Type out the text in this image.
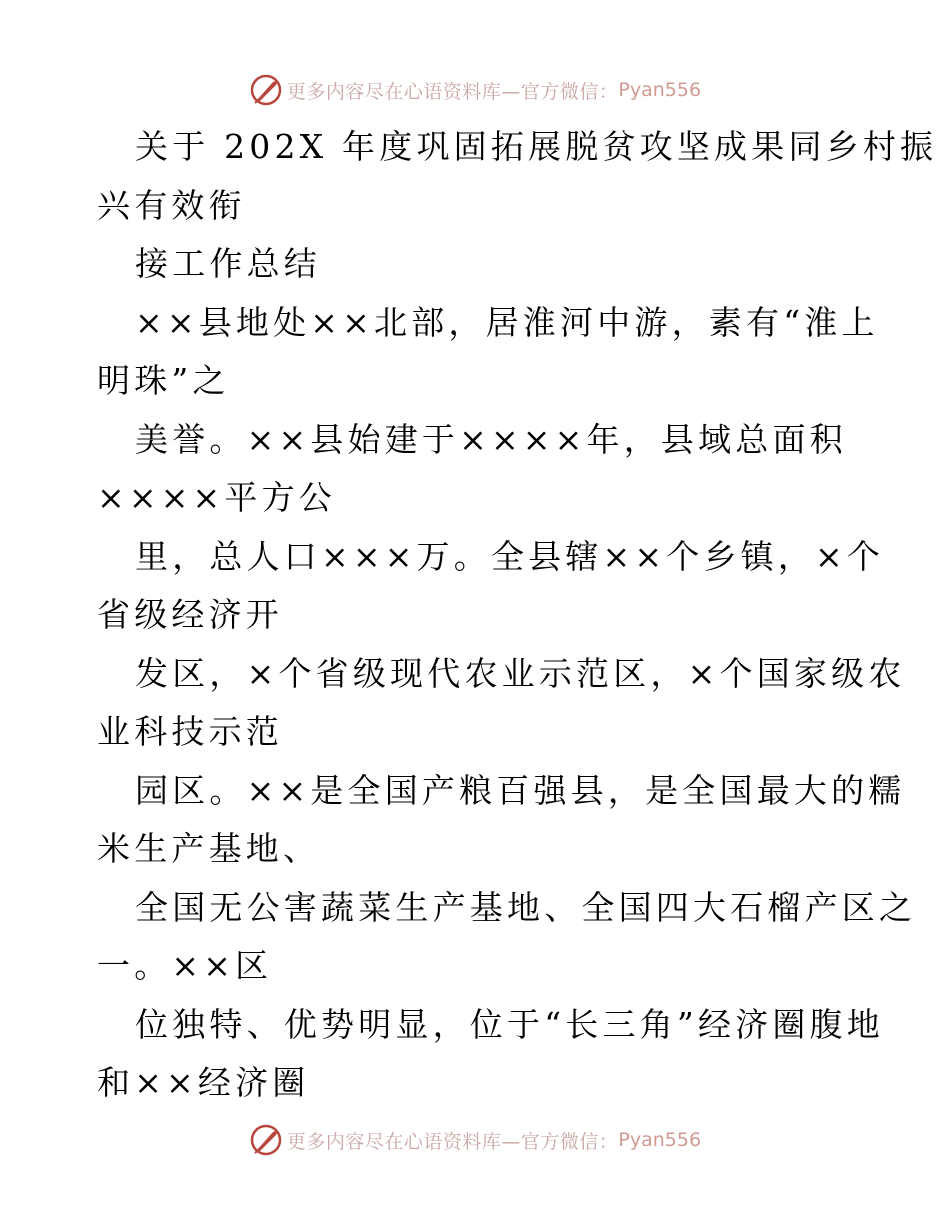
更多内容尽在心语资料库—官方微信： Pyan556
关于 202X 年度巩固拓展脱贫攻坚成果同乡村振
兴有效衔
接工作总结
××县地处××北部，居淮河中游，素有“淮上
明珠”之
美誉。××县始建于××××年，县域总面积
××××平方公
里，总人口×××万。全县辖××个乡镇，×个
省级经济开
发区，×个省级现代农业示范区，×个国家级农
业科技示范
园区。××是全国产粮百强县，是全国最大的糯
米生产基地、
全国无公害蔬菜生产基地、全国四大石榴产区之
一。××区
位独特、优势明显，位于“长三角”经济圈腹地
和××经济圈
更多内容尽在心语资料库—官方微信： Pyan556
